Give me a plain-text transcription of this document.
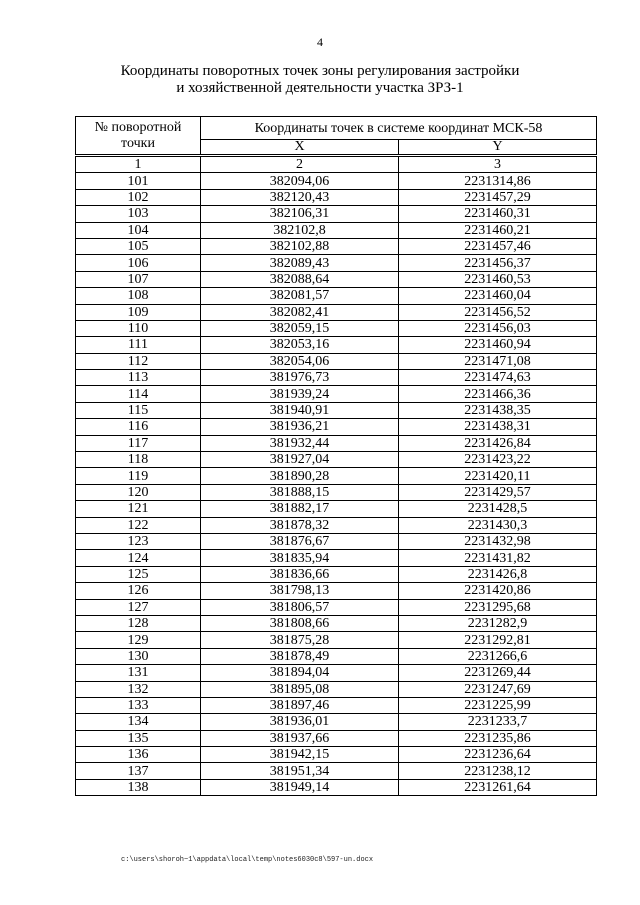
4
Координаты поворотных точек зоны регулирования застройки
и хозяйственной деятельности участка ЗРЗ-1
№ поворотной точки	Координаты точек в системе координат МСК-58	
	X	Y
1	2	3
101	382094,06	2231314,86
102	382120,43	2231457,29
103	382106,31	2231460,31
104	382102,8	2231460,21
105	382102,88	2231457,46
106	382089,43	2231456,37
107	382088,64	2231460,53
108	382081,57	2231460,04
109	382082,41	2231456,52
110	382059,15	2231456,03
111	382053,16	2231460,94
112	382054,06	2231471,08
113	381976,73	2231474,63
114	381939,24	2231466,36
115	381940,91	2231438,35
116	381936,21	2231438,31
117	381932,44	2231426,84
118	381927,04	2231423,22
119	381890,28	2231420,11
120	381888,15	2231429,57
121	381882,17	2231428,5
122	381878,32	2231430,3
123	381876,67	2231432,98
124	381835,94	2231431,82
125	381836,66	2231426,8
126	381798,13	2231420,86
127	381806,57	2231295,68
128	381808,66	2231282,9
129	381875,28	2231292,81
130	381878,49	2231266,6
131	381894,04	2231269,44
132	381895,08	2231247,69
133	381897,46	2231225,99
134	381936,01	2231233,7
135	381937,66	2231235,86
136	381942,15	2231236,64
137	381951,34	2231238,12
138	381949,14	2231261,64
c:\users\shoroh~1\appdata\local\temp\notes6030c8\597-un.docx
